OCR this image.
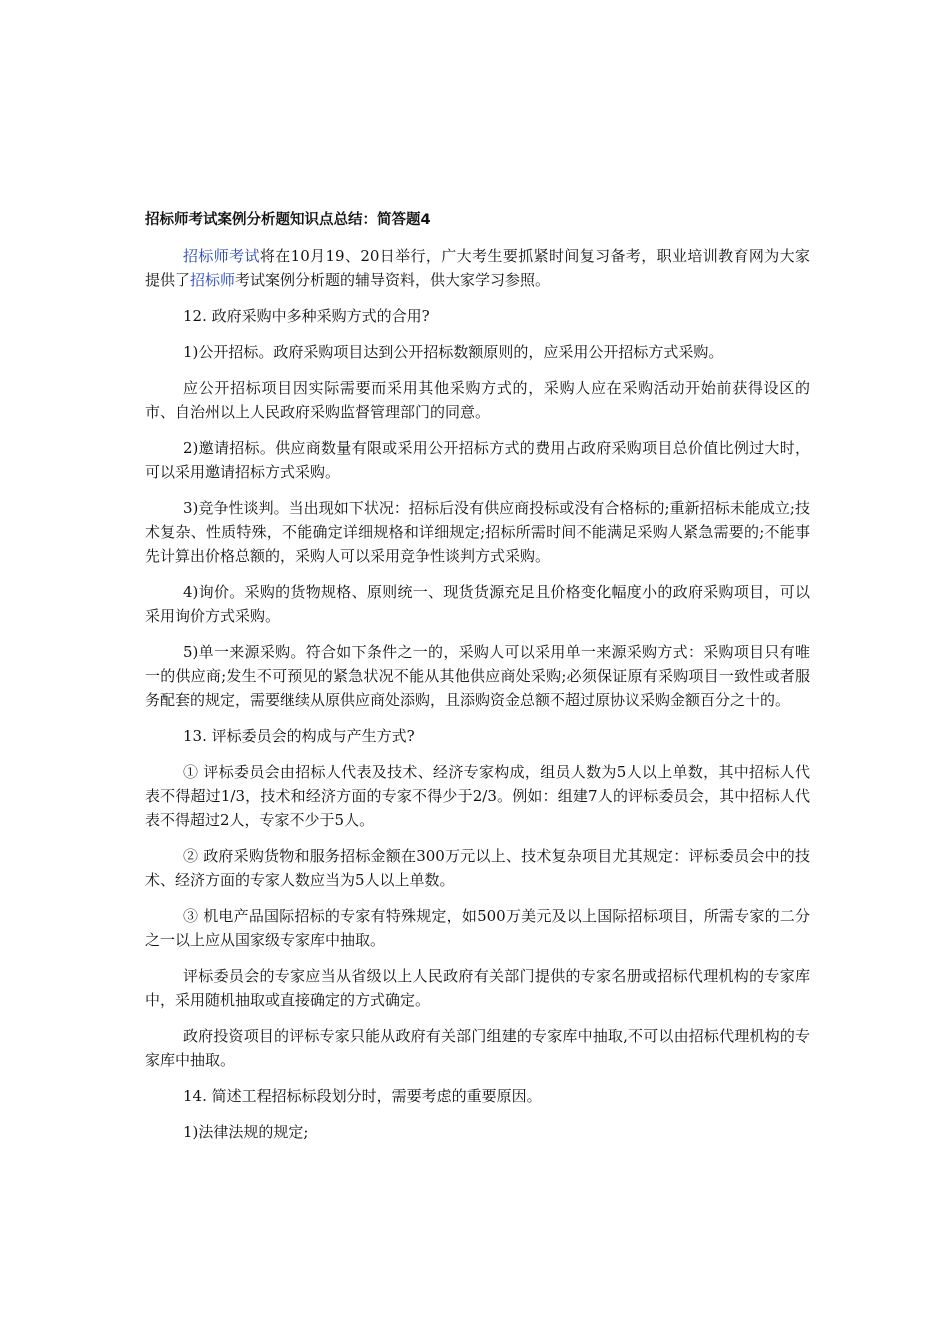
招标师考试案例分析题知识点总结：简答题4

招标师考试将在10月19、20日举行，广大考生要抓紧时间复习备考，职业培训教育网为大家提供了招标师考试案例分析题的辅导资料，供大家学习参照。

12. 政府采购中多种采购方式的合用?

1)公开招标。政府采购项目达到公开招标数额原则的，应采用公开招标方式采购。

应公开招标项目因实际需要而采用其他采购方式的，采购人应在采购活动开始前获得设区的市、自治州以上人民政府采购监督管理部门的同意。

2)邀请招标。供应商数量有限或采用公开招标方式的费用占政府采购项目总价值比例过大时，可以采用邀请招标方式采购。

3)竞争性谈判。当出现如下状况：招标后没有供应商投标或没有合格标的;重新招标未能成立;技术复杂、性质特殊，不能确定详细规格和详细规定;招标所需时间不能满足采购人紧急需要的;不能事先计算出价格总额的，采购人可以采用竞争性谈判方式采购。

4)询价。采购的货物规格、原则统一、现货货源充足且价格变化幅度小的政府采购项目，可以采用询价方式采购。

5)单一来源采购。符合如下条件之一的，采购人可以采用单一来源采购方式：采购项目只有唯一的供应商;发生不可预见的紧急状况不能从其他供应商处采购;必须保证原有采购项目一致性或者服务配套的规定，需要继续从原供应商处添购，且添购资金总额不超过原协议采购金额百分之十的。

13. 评标委员会的构成与产生方式?

① 评标委员会由招标人代表及技术、经济专家构成，组员人数为5人以上单数，其中招标人代表不得超过1/3，技术和经济方面的专家不得少于2/3。例如：组建7人的评标委员会，其中招标人代表不得超过2人，专家不少于5人。

② 政府采购货物和服务招标金额在300万元以上、技术复杂项目尤其规定：评标委员会中的技术、经济方面的专家人数应当为5人以上单数。

③ 机电产品国际招标的专家有特殊规定，如500万美元及以上国际招标项目，所需专家的二分之一以上应从国家级专家库中抽取。

评标委员会的专家应当从省级以上人民政府有关部门提供的专家名册或招标代理机构的专家库中，采用随机抽取或直接确定的方式确定。

政府投资项目的评标专家只能从政府有关部门组建的专家库中抽取,不可以由招标代理机构的专家库中抽取。

14. 简述工程招标标段划分时，需要考虑的重要原因。

1)法律法规的规定;
